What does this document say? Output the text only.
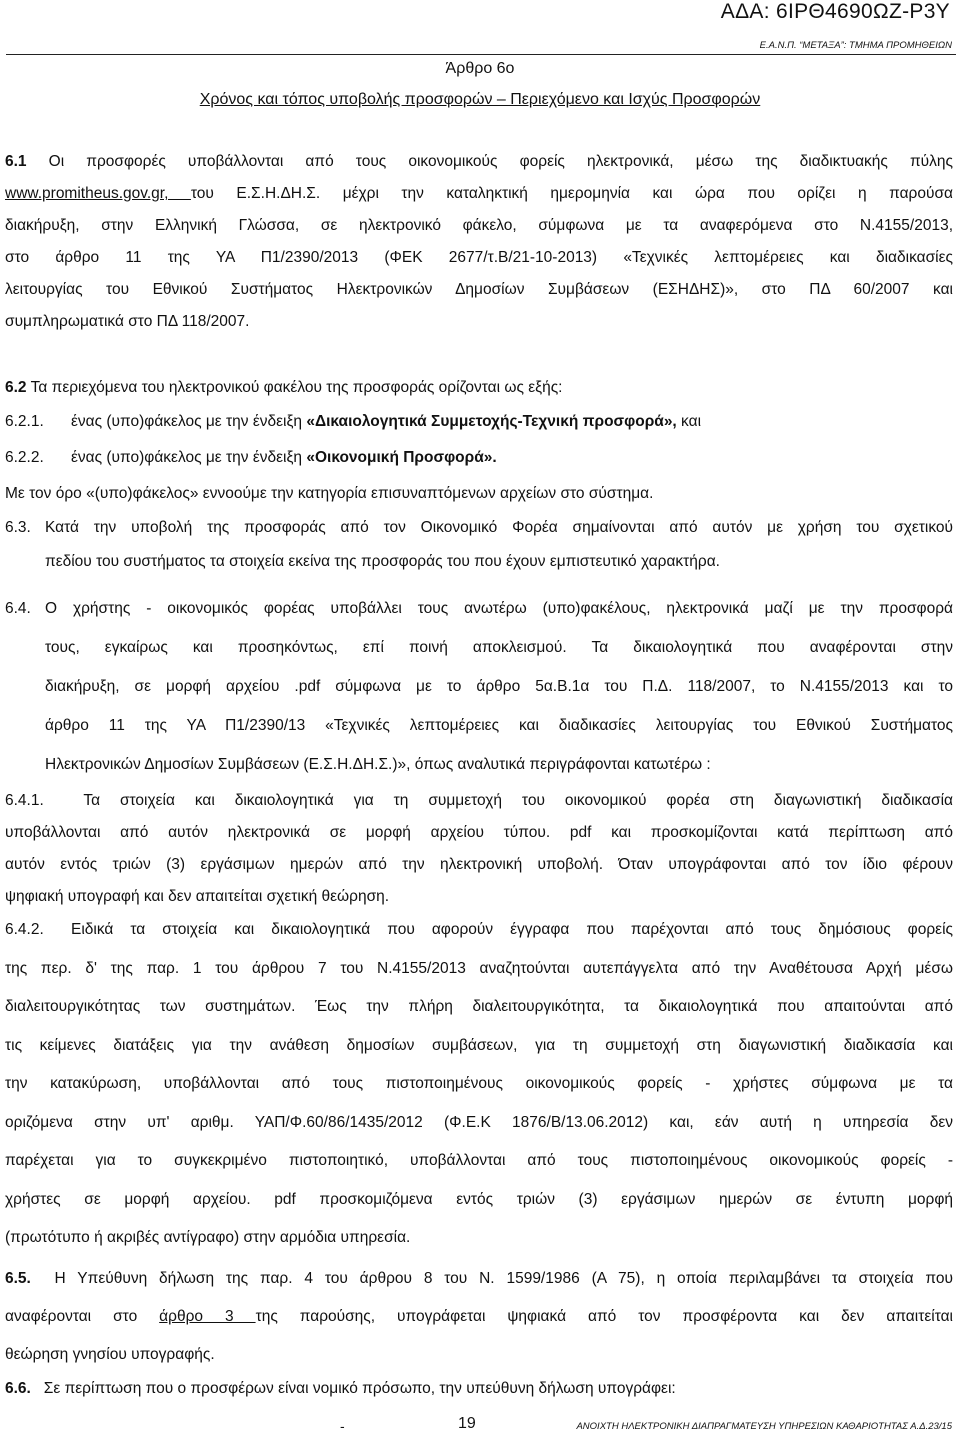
ΑΔΑ: 6ΙΡΘ4690ΩΖ-Ρ3Υ
Ε.Α.Ν.Π. “ΜΕΤΑΞΑ”: ΤΜΗΜΑ ΠΡΟΜΗΘΕΙΩΝ
Άρθρο 6ο
Χρόνος και τόπος υποβολής προσφορών – Περιεχόμενο και Ισχύς Προσφορών
6.1 Οι προσφορές υποβάλλονται από τους οικονομικούς φορείς ηλεκτρονικά, μέσω της διαδικτυακής πύλης
www.promitheus.gov.gr, του Ε.Σ.Η.ΔΗ.Σ. μέχρι την καταληκτική ημερομηνία και ώρα που ορίζει η παρούσα
διακήρυξη, στην Ελληνική Γλώσσα, σε ηλεκτρονικό φάκελο, σύμφωνα με τα αναφερόμενα στο Ν.4155/2013,
στο άρθρο 11 της ΥΑ Π1/2390/2013 (ΦΕΚ 2677/τ.Β/21-10-2013) «Τεχνικές λεπτομέρειες και διαδικασίες
λειτουργίας του Εθνικού Συστήματος Ηλεκτρονικών Δημοσίων Συμβάσεων (ΕΣΗΔΗΣ)», στο ΠΔ 60/2007 και
συμπληρωματικά στο ΠΔ 118/2007.
6.2 Τα περιεχόμενα του ηλεκτρονικού φακέλου της προσφοράς ορίζονται ως εξής:
6.2.1. ένας (υπο)φάκελος με την ένδειξη «Δικαιολογητικά Συμμετοχής-Τεχνική προσφορά», και
6.2.2. ένας (υπο)φάκελος με την ένδειξη «Οικονομική Προσφορά».
Με τον όρο «(υπο)φάκελος» εννοούμε την κατηγορία επισυναπτόμενων αρχείων στο σύστημα.
6.3. Κατά την υποβολή της προσφοράς από τον Οικονομικό Φορέα σημαίνονται από αυτόν με χρήση του σχετικού
πεδίου του συστήματος τα στοιχεία εκείνα της προσφοράς του που έχουν εμπιστευτικό χαρακτήρα.
6.4. Ο χρήστης - οικονομικός φορέας υποβάλλει τους ανωτέρω (υπο)φακέλους, ηλεκτρονικά μαζί με την προσφορά
τους, εγκαίρως και προσηκόντως, επί ποινή αποκλεισμού. Τα δικαιολογητικά που αναφέρονται στην
διακήρυξη, σε μορφή αρχείου .pdf σύμφωνα με το άρθρο 5α.Β.1α του Π.Δ. 118/2007, το Ν.4155/2013 και το
άρθρο 11 της ΥΑ Π1/2390/13 «Τεχνικές λεπτομέρειες και διαδικασίες λειτουργίας του Εθνικού Συστήματος
Ηλεκτρονικών Δημοσίων Συμβάσεων (Ε.Σ.Η.ΔΗ.Σ.)», όπως αναλυτικά περιγράφονται κατωτέρω :
6.4.1.	Τα στοιχεία και δικαιολογητικά για τη συμμετοχή του οικονομικού φορέα στη διαγωνιστική διαδικασία
υποβάλλονται από αυτόν ηλεκτρονικά σε μορφή αρχείου τύπου. pdf και προσκομίζονται κατά περίπτωση από
αυτόν εντός τριών (3) εργάσιμων ημερών από την ηλεκτρονική υποβολή. Όταν υπογράφονται από τον ίδιο φέρουν
ψηφιακή υπογραφή και δεν απαιτείται σχετική θεώρηση.
6.4.2. Ειδικά τα στοιχεία και δικαιολογητικά που αφορούν έγγραφα που παρέχονται από τους δημόσιους φορείς
της περ. δ' της παρ. 1 του άρθρου 7 του Ν.4155/2013 αναζητούνται αυτεπάγγελτα από την Αναθέτουσα Αρχή μέσω
διαλειτουργικότητας των συστημάτων. Έως την πλήρη διαλειτουργικότητα, τα δικαιολογητικά που απαιτούνται από
τις κείμενες διατάξεις για την ανάθεση δημοσίων συμβάσεων, για τη συμμετοχή στη διαγωνιστική διαδικασία και
την κατακύρωση, υποβάλλονται από τους πιστοποιημένους οικονομικούς φορείς - χρήστες σύμφωνα με τα
οριζόμενα στην υπ' αριθμ. ΥΑΠ/Φ.60/86/1435/2012 (Φ.Ε.Κ 1876/Β/13.06.2012) και, εάν αυτή η υπηρεσία δεν
παρέχεται για το συγκεκριμένο πιστοποιητικό, υποβάλλονται από τους πιστοποιημένους οικονομικούς φορείς -
χρήστες σε μορφή αρχείου. pdf προσκομιζόμενα εντός τριών (3) εργάσιμων ημερών σε έντυπη μορφή
(πρωτότυπο ή ακριβές αντίγραφο) στην αρμόδια υπηρεσία.
6.5. Η Υπεύθυνη δήλωση της παρ. 4 του άρθρου 8 του Ν. 1599/1986 (Α 75), η οποία περιλαμβάνει τα στοιχεία που
αναφέρονται στο άρθρο 3 της παρούσης, υπογράφεται ψηφιακά από τον προσφέροντα και δεν απαιτείται
θεώρηση γνησίου υπογραφής.
6.6. Σε περίπτωση που ο προσφέρων είναι νομικό πρόσωπο, την υπεύθυνη δήλωση υπογράφει:
-	19	ΑΝΟΙΧΤΗ ΗΛΕΚΤΡΟΝΙΚΗ ΔΙΑΠΡΑΓΜΑΤΕΥΣΗ ΥΠΗΡΕΣΙΩΝ ΚΑΘΑΡΙΟΤΗΤΑΣ Α.Δ.23/15
